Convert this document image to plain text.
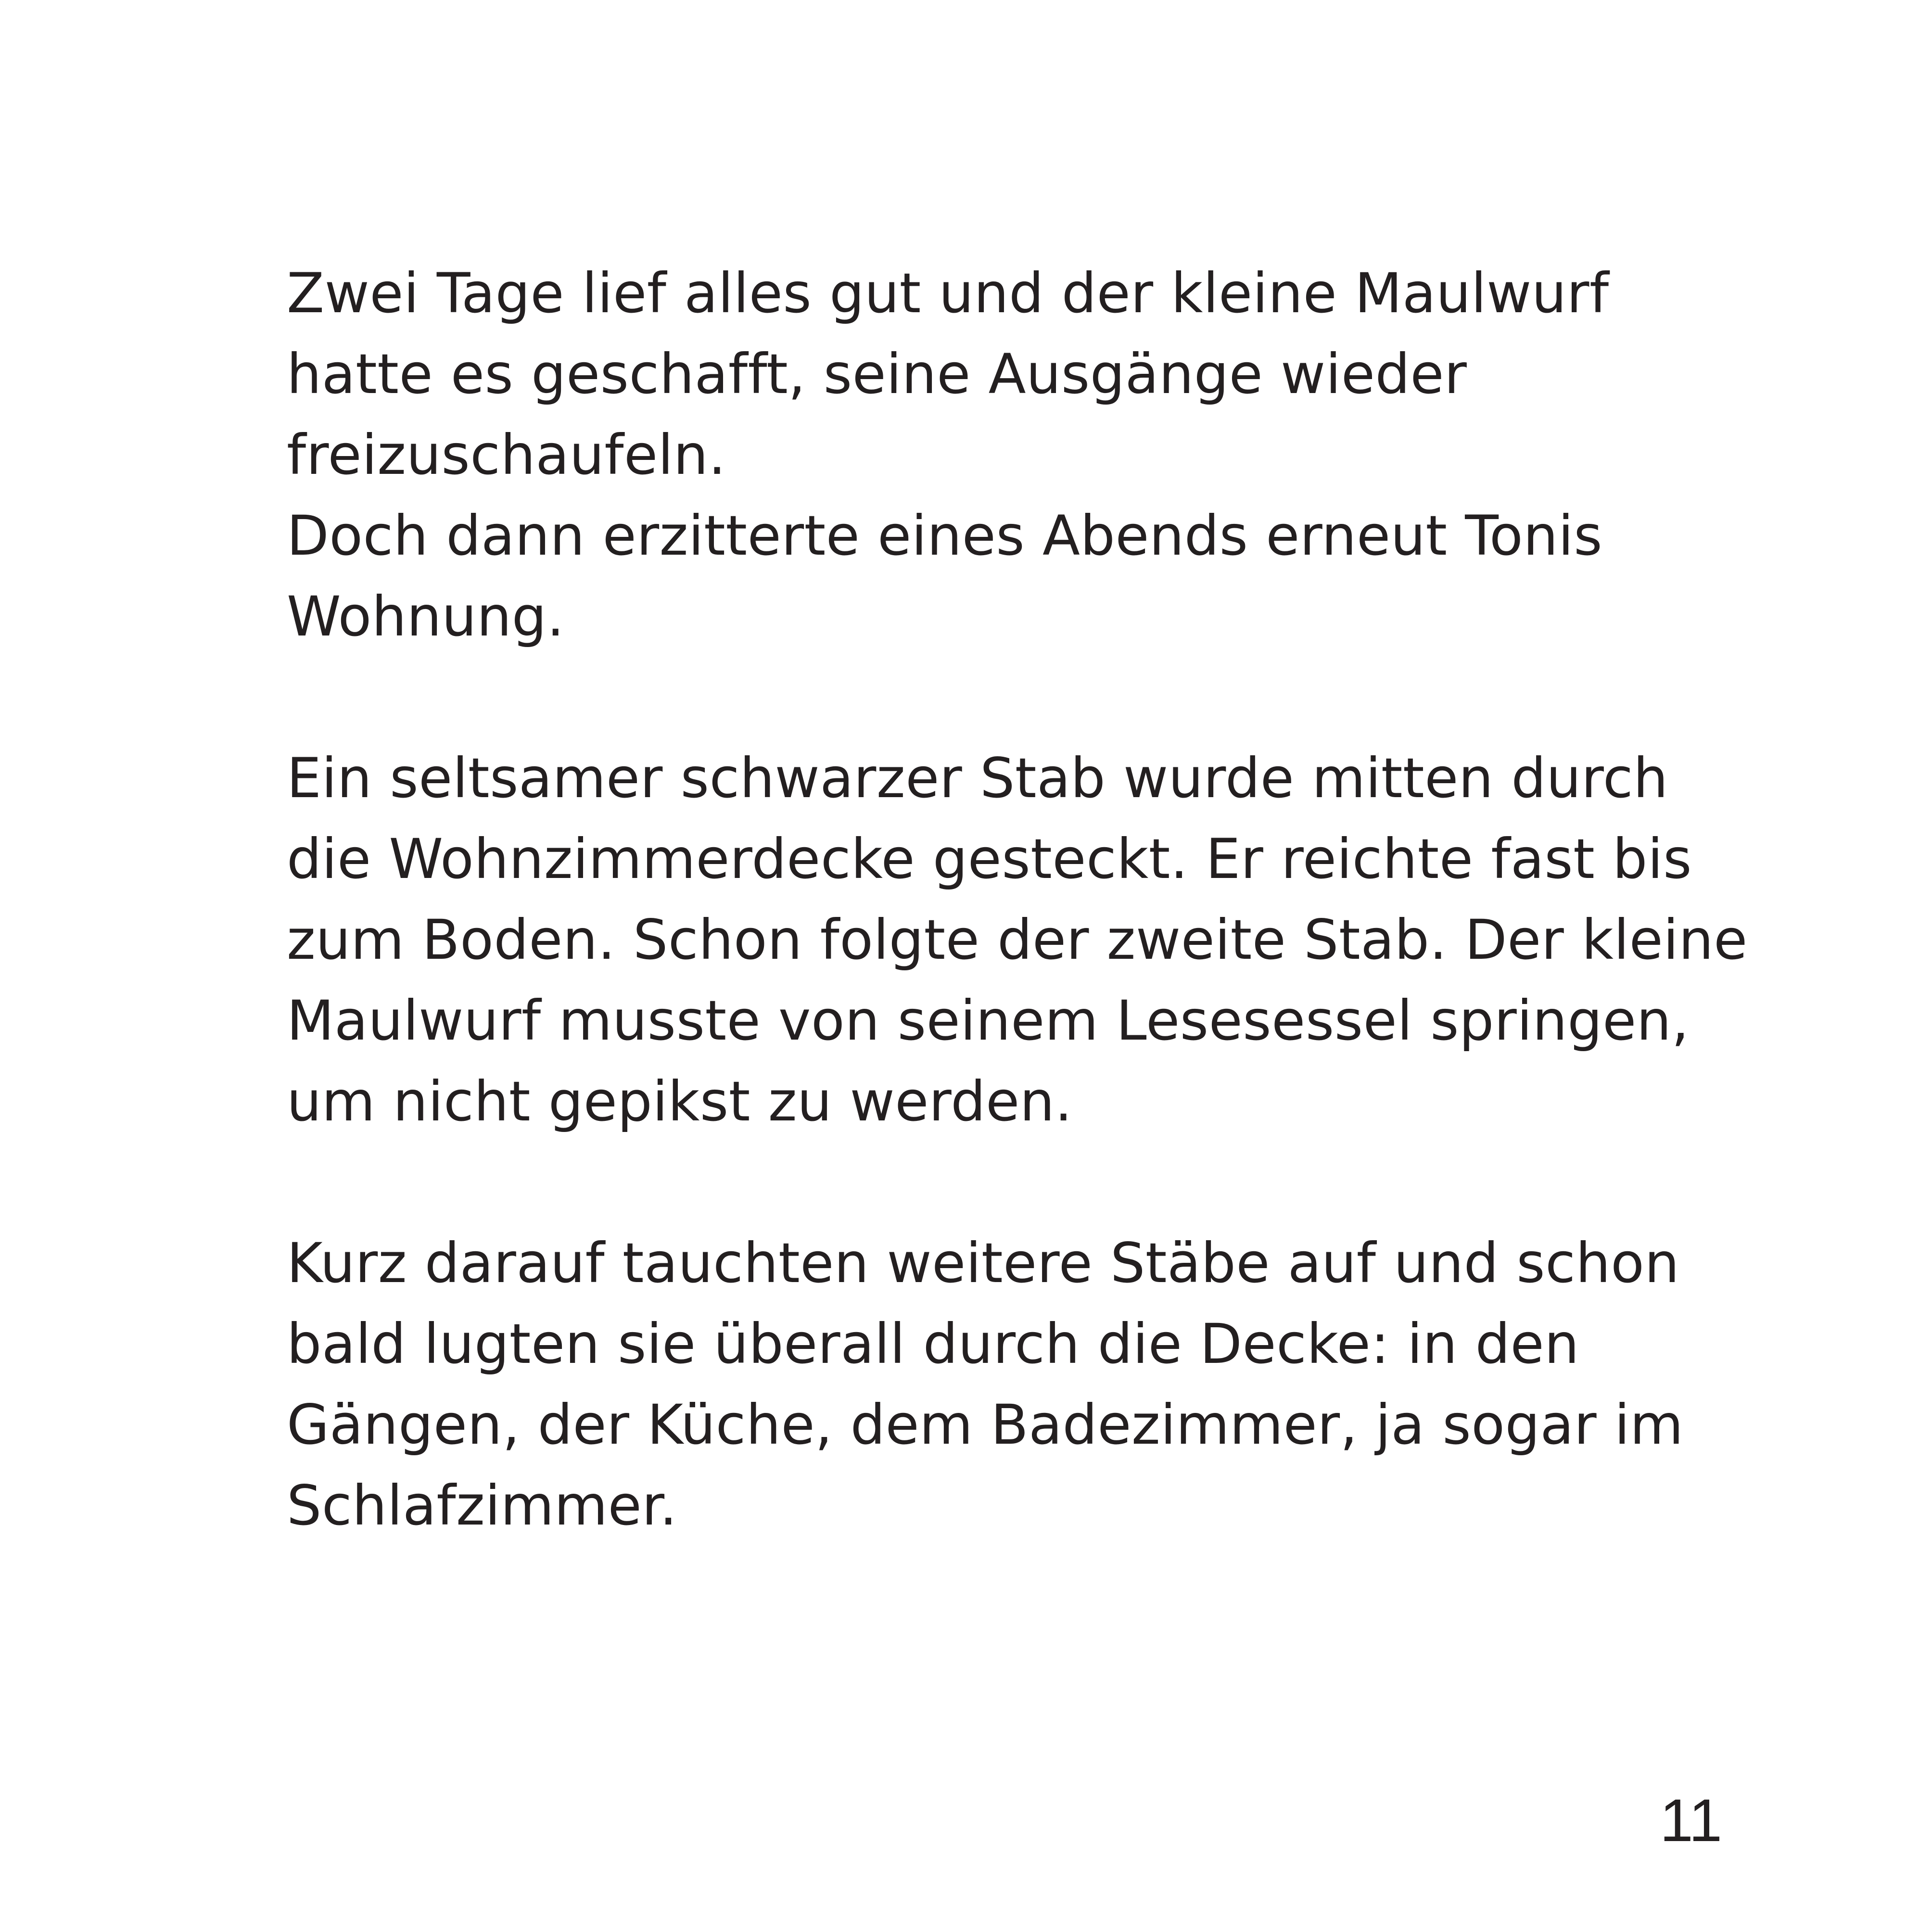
Zwei Tage lief alles gut und der kleine Maulwurf
hatte es geschafft, seine Ausgänge wieder
freizuschaufeln.
Doch dann erzitterte eines Abends erneut Tonis
Wohnung.
Ein seltsamer schwarzer Stab wurde mitten durch
die Wohnzimmerdecke gesteckt. Er reichte fast bis
zum Boden. Schon folgte der zweite Stab. Der kleine
Maulwurf musste von seinem Lesesessel springen,
um nicht gepikst zu werden.
Kurz darauf tauchten weitere Stäbe auf und schon
bald lugten sie überall durch die Decke: in den
Gängen, der Küche, dem Badezimmer, ja sogar im
Schlafzimmer.
11
